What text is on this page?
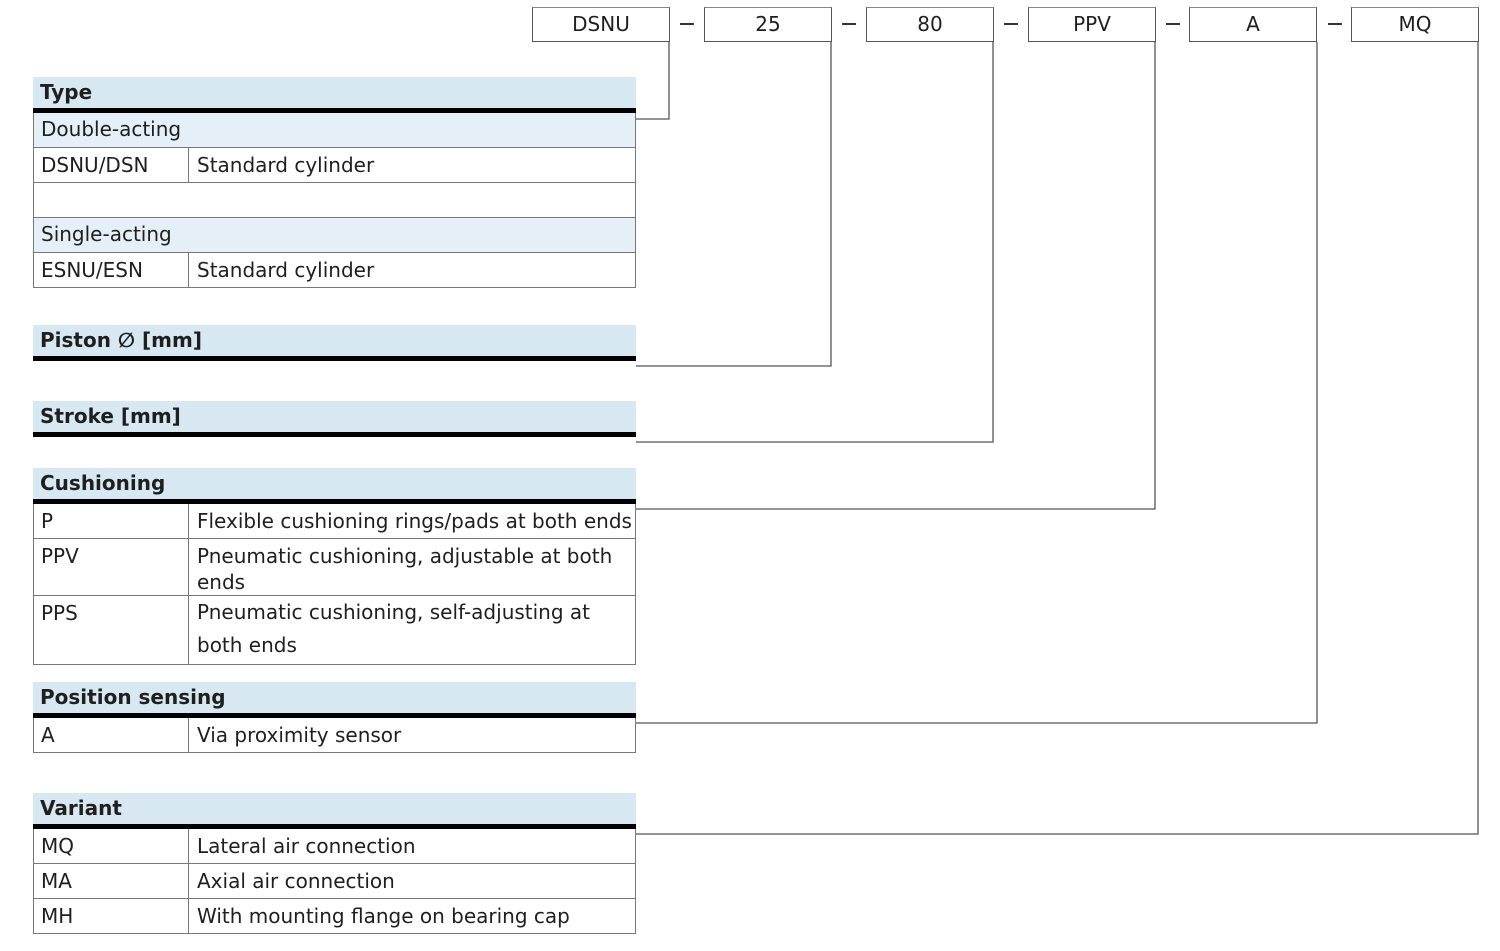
DSNU	25	80	PPV	A	MQ
Type
Double-acting
DSNU/DSN	Standard cylinder
Single-acting
ESNU/ESN	Standard cylinder
Piston ∅ [mm]
Stroke [mm]
Cushioning
P	Flexible cushioning rings/pads at both ends
PPV	Pneumatic cushioning, adjustable at both ends
PPS	Pneumatic cushioning, self-adjusting at both ends
Position sensing
A	Via proximity sensor
Variant
MQ	Lateral air connection
MA	Axial air connection
MH	With mounting flange on bearing cap
